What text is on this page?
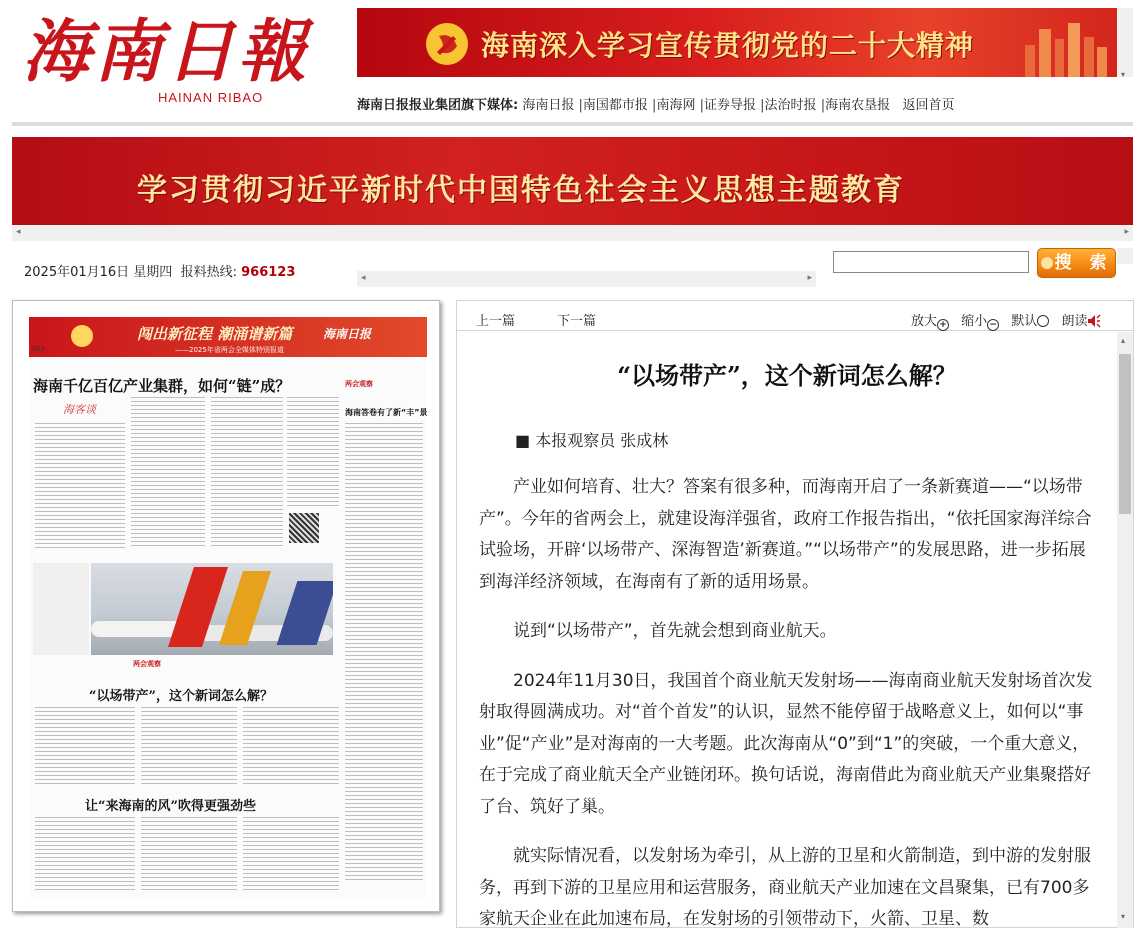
海南日報
HAINAN RIBAO
海南深入学习宣传贯彻党的二十大精神
▾
海南日报报业集团旗下媒体: 海南日报 |南国都市报 |南海网 |证券导报 |法治时报 |海南农垦报 返回首页
学习贯彻习近平新时代中国特色社会主义思想主题教育
◂	▸
2025年01月16日 星期四 报料热线: 966123	◂	▸
搜 索
闯出新征程 潮涌谱新篇
——2025年省两会全媒体特别报道
海南日报
A03
海南千亿百亿产业集群，如何“链”成？
海客谈
两会观察
海南答卷有了新“丰”景
两会观察
“以场带产”，这个新词怎么解？
让“来海南的风”吹得更强劲些
上一篇	下一篇	放大 + 缩小 − 默认 朗读
“以场带产”，这个新词怎么解？
■ 本报观察员 张成林

产业如何培育、壮大？答案有很多种，而海南开启了一条新赛道——“以场带产”。今年的省两会上，就建设海洋强省，政府工作报告指出，“依托国家海洋综合试验场，开辟‘以场带产、深海智造’新赛道。”“以场带产”的发展思路，进一步拓展到海洋经济领域，在海南有了新的适用场景。

说到“以场带产”，首先就会想到商业航天。

2024年11月30日，我国首个商业航天发射场——海南商业航天发射场首次发射取得圆满成功。对“首个首发”的认识，显然不能停留于战略意义上，如何以“事业”促“产业”是对海南的一大考题。此次海南从“0”到“1”的突破，一个重大意义，在于完成了商业航天全产业链闭环。换句话说，海南借此为商业航天产业集聚搭好了台、筑好了巢。

就实际情况看，以发射场为牵引，从上游的卫星和火箭制造，到中游的发射服务，再到下游的卫星应用和运营服务，商业航天产业加速在文昌聚集，已有700多家航天企业在此加速布局，在发射场的引领带动下，火箭、卫星、数

▴
▾
